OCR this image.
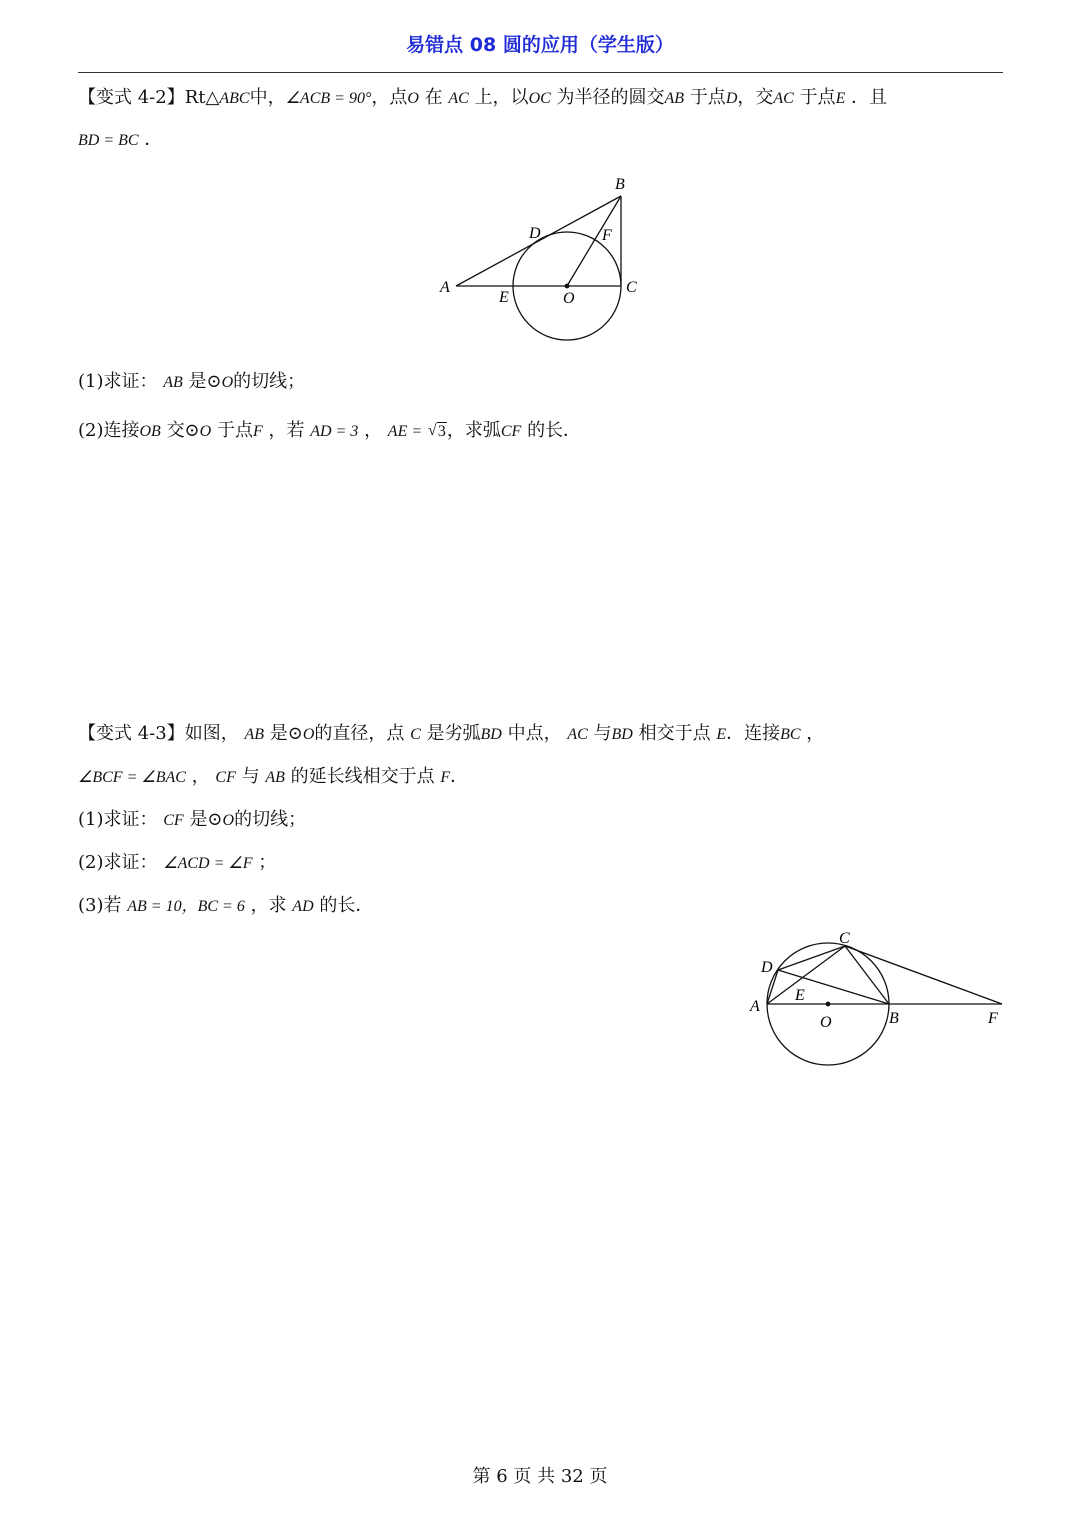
易错点 08 圆的应用（学生版）
【变式 4-2】Rt△ABC中，∠ACB = 90°，点O 在 AC 上，以OC 为半径的圆交AB 于点D，交AC 于点E ．且
BD = BC ．
B
D	F
A	C
E	O
(1)求证： AB 是⊙O的切线；
(2)连接OB 交⊙O 于点F ，若 AD = 3 ， AE = √ 3，求弧CF 的长．
【变式 4-3】如图， AB 是⊙O的直径，点 C 是劣弧BD 中点， AC 与BD 相交于点 E．连接BC ，
∠BCF = ∠BAC ， CF 与 AB 的延长线相交于点 F．
(1)求证： CF 是⊙O的切线；
(2)求证： ∠ACD = ∠F ；
(3)若 AB = 10，BC = 6 ，求 AD 的长．
C
D
E
A
O	B	F
第 6 页 共 32 页
